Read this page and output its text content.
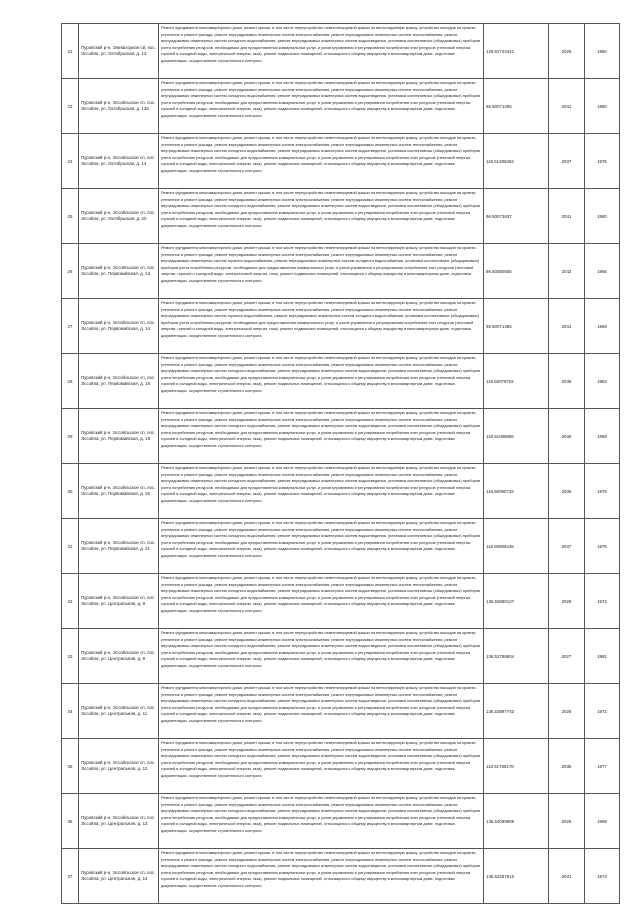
22	Пуровский р-н, Элеваторная сй, пос. Эссойла, ул. Октябрьская, д. 13	Ремонт фундамента многоквартирного дома, ремонт крыши, в том числе переустройство невентилируемой крыши на вентилируемую крышу, устройство выходов на кровлю, утепление и ремонт фасада, ремонт внутридомовых инженерных систем электроснабжения, ремонт внутридомовых инженерных систем теплоснабжения, ремонт внутридомовых инженерных систем холодного водоснабжения, ремонт внутридомовых инженерных систем водоотведения, установка коллективных (общедомовых) приборов учета потребления ресурсов, необходимых для предоставления коммунальных услуг, и узлов управления и регулирования потребления этих ресурсов (тепловой энергии, горячей и холодной воды, электрической энергии, газа), ремонт подвальных помещений, относящихся к общему имуществу в многоквартирном доме, подготовка документации, осуществление строительного контроля	129.52744421	2026	1960
23	Пуровский р-н, Эссойльское сп, пос. Эссойла, ул. Октябрьская, д. 13а	Ремонт фундамента многоквартирного дома, ремонт крыши, в том числе переустройство невентилируемой крыши на вентилируемую крышу, устройство выходов на кровлю, утепление и ремонт фасада, ремонт внутридомовых инженерных систем электроснабжения, ремонт внутридомовых инженерных систем теплоснабжения, ремонт внутридомовых инженерных систем холодного водоснабжения, ремонт внутридомовых инженерных систем водоотведения, установка коллективных (общедомовых) приборов учета потребления ресурсов, необходимых для предоставления коммунальных услуг, и узлов управления и регулирования потребления этих ресурсов (тепловой энергии, горячей и холодной воды, электрической энергии, газа), ремонт подвальных помещений, относящихся к общему имуществу в многоквартирном доме, подготовка документации, осуществление строительного контроля	96.50071405	2041	1980
24	Пуровский р-н, Эссойльское сп, пос. Эссойла, ул. Октябрьская, д. 14	Ремонт фундамента многоквартирного дома, ремонт крыши, в том числе переустройство невентилируемой крыши на вентилируемую крышу, устройство выходов на кровлю, утепление и ремонт фасада, ремонт внутридомовых инженерных систем электроснабжения, ремонт внутридомовых инженерных систем теплоснабжения, ремонт внутридомовых инженерных систем холодного водоснабжения, ремонт внутридомовых инженерных систем водоотведения, установка коллективных (общедомовых) приборов учета потребления ресурсов, необходимых для предоставления коммунальных услуг, и узлов управления и регулирования потребления этих ресурсов (тепловой энергии, горячей и холодной воды, электрической энергии, газа), ремонт подвальных помещений, относящихся к общему имуществу в многоквартирном доме, подготовка документации, осуществление строительного контроля	118.51286463	2037	1976
25	Пуровский р-н, Эссойльское сп, пос. Эссойла, ул. Октябрьская, д. 20	Ремонт фундамента многоквартирного дома, ремонт крыши, в том числе переустройство невентилируемой крыши на вентилируемую крышу, устройство выходов на кровлю, утепление и ремонт фасада, ремонт внутридомовых инженерных систем электроснабжения, ремонт внутридомовых инженерных систем теплоснабжения, ремонт внутридомовых инженерных систем холодного водоснабжения, ремонт внутридомовых инженерных систем водоотведения, установка коллективных (общедомовых) приборов учета потребления ресурсов, необходимых для предоставления коммунальных услуг, и узлов управления и регулирования потребления этих ресурсов (тепловой энергии, горячей и холодной воды, электрической энергии, газа), ремонт подвальных помещений, относящихся к общему имуществу в многоквартирном доме, подготовка документации, осуществление строительного контроля	96.50073637	2041	1980
26	Пуровский р-н, Эссойльское сп, пос. Эссойла, ул. Первомайская, д. 13	Ремонт фундамента многоквартирного дома, ремонт крыши, в том числе переустройство невентилируемой крыши на вентилируемую крышу, устройство выходов на кровлю, утепление и ремонт фасада, ремонт внутридомовых инженерных систем электроснабжения, ремонт внутридомовых инженерных систем теплоснабжения, ремонт внутридомовых инженерных систем горячего водоснабжения, ремонт внутридомовых инженерных систем холодного водоснабжения, установка коллективных (общедомовых) приборов учета потребления ресурсов, необходимых для предоставления коммунальных услуг, и узлов управления и регулирования потребления этих ресурсов (тепловой энергии, горячей и холодной воды, электрической энергии, газа), ремонт подвальных помещений, относящихся к общему имуществу в многоквартирном доме, подготовка документации, осуществление строительного контроля	96.50050656	2042	1966
27	Пуровский р-н, Эссойльское сп, пос. Эссойла, ул. Первомайская, д. 14	Ремонт фундамента многоквартирного дома, ремонт крыши, в том числе переустройство невентилируемой крыши на вентилируемую крышу, устройство выходов на кровлю, утепление и ремонт фасада, ремонт внутридомовых инженерных систем электроснабжения, ремонт внутридомовых инженерных систем теплоснабжения, ремонт внутридомовых инженерных систем горячего водоснабжения, ремонт внутридомовых инженерных систем холодного водоснабжения, установка коллективных (общедомовых) приборов учета потребления ресурсов, необходимых для предоставления коммунальных услуг, и узлов управления и регулирования потребления этих ресурсов (тепловой энергии, горячей и холодной воды, электрической энергии, газа), ремонт подвальных помещений, относящихся к общему имуществу в многоквартирном доме, подготовка документации, осуществление строительного контроля	96.50071456	2041	1969
28	Пуровский р-н, Эссойльское сп, пос. Эссойла, ул. Первомайская, д. 16	Ремонт фундамента многоквартирного дома, ремонт крыши, в том числе переустройство невентилируемой крыши на вентилируемую крышу, устройство выходов на кровлю, утепление и ремонт фасада, ремонт внутридомовых инженерных систем электроснабжения, ремонт внутридомовых инженерных систем теплоснабжения, ремонт внутридомовых инженерных систем холодного водоснабжения, ремонт внутридомовых инженерных систем водоотведения, установка коллективных (общедомовых) приборов учета потребления ресурсов, необходимых для предоставления коммунальных услуг, и узлов управления и регулирования потребления этих ресурсов (тепловой энергии, горячей и холодной воды, электрической энергии, газа), ремонт подвальных помещений, относящихся к общему имуществу в многоквартирном доме, подготовка документации, осуществление строительного контроля	118.50079702	2038	1963
29	Пуровский р-н, Эссойльское сп, пос. Эссойла, ул. Первомайская, д. 19	Ремонт фундамента многоквартирного дома, ремонт крыши, в том числе переустройство невентилируемой крыши на вентилируемую крышу, устройство выходов на кровлю, утепление и ремонт фасада, ремонт внутридомовых инженерных систем электроснабжения, ремонт внутридомовых инженерных систем теплоснабжения, ремонт внутридомовых инженерных систем холодного водоснабжения, ремонт внутридомовых инженерных систем водоотведения, установка коллективных (общедомовых) приборов учета потребления ресурсов, необходимых для предоставления коммунальных услуг, и узлов управления и регулирования потребления этих ресурсов (тепловой энергии, горячей и холодной воды, электрической энергии, газа), ремонт подвальных помещений, относящихся к общему имуществу в многоквартирном доме, подготовка документации, осуществление строительного контроля	118.51086856	2036	1969
30	Пуровский р-н, Эссойльское сп, пос. Эссойла, ул. Первомайская, д. 20	Ремонт фундамента многоквартирного дома, ремонт крыши, в том числе переустройство невентилируемой крыши на вентилируемую крышу, устройство выходов на кровлю, утепление и ремонт фасада, ремонт внутридомовых инженерных систем электроснабжения, ремонт внутридомовых инженерных систем теплоснабжения, ремонт внутридомовых инженерных систем холодного водоснабжения, ремонт внутридомовых инженерных систем водоотведения, установка коллективных (общедомовых) приборов учета потребления ресурсов, необходимых для предоставления коммунальных услуг, и узлов управления и регулирования потребления этих ресурсов (тепловой энергии, горячей и холодной воды, электрической энергии, газа), ремонт подвальных помещений, относящихся к общему имуществу в многоквартирном доме, подготовка документации, осуществление строительного контроля	118.50090733	2036	1975
31	Пуровский р-н, Эссойльское сп, пос. Эссойла, ул. Первомайская, д. 21	Ремонт фундамента многоквартирного дома, ремонт крыши, в том числе переустройство невентилируемой крыши на вентилируемую крышу, устройство выходов на кровлю, утепление и ремонт фасада, ремонт внутридомовых инженерных систем электроснабжения, ремонт внутридомовых инженерных систем теплоснабжения, ремонт внутридомовых инженерных систем холодного водоснабжения, ремонт внутридомовых инженерных систем водоотведения, установка коллективных (общедомовых) приборов учета потребления ресурсов, необходимых для предоставления коммунальных услуг, и узлов управления и регулирования потребления этих ресурсов (тепловой энергии, горячей и холодной воды, электрической энергии, газа), ремонт подвальных помещений, относящихся к общему имуществу в многоквартирном доме, подготовка документации, осуществление строительного контроля	118.50896445	2037	1975
32	Пуровский р-н, Эссойльское сп, пос. Эссойла, ул. Центральная, д. 8	Ремонт фундамента многоквартирного дома, ремонт крыши, в том числе переустройство невентилируемой крыши на вентилируемую крышу, устройство выходов на кровлю, утепление и ремонт фасада, ремонт внутридомовых инженерных систем электроснабжения, ремонт внутридомовых инженерных систем теплоснабжения, ремонт внутридомовых инженерных систем холодного водоснабжения, ремонт внутридомовых инженерных систем водоотведения, установка коллективных (общедомовых) приборов учета потребления ресурсов, необходимых для предоставления коммунальных услуг, и узлов управления и регулирования потребления этих ресурсов (тепловой энергии, горячей и холодной воды, электрической энергии, газа), ремонт подвальных помещений, относящихся к общему имуществу в многоквартирном доме, подготовка документации, осуществление строительного контроля	136.50890127	2026	1972
33	Пуровский р-н, Эссойльское сп, пос. Эссойла, ул. Центральная, д. 9	Ремонт фундамента многоквартирного дома, ремонт крыши, в том числе переустройство невентилируемой крыши на вентилируемую крышу, устройство выходов на кровлю, утепление и ремонт фасада, ремонт внутридомовых инженерных систем электроснабжения, ремонт внутридомовых инженерных систем теплоснабжения, ремонт внутридомовых инженерных систем холодного водоснабжения, ремонт внутридомовых инженерных систем водоотведения, установка коллективных (общедомовых) приборов учета потребления ресурсов, необходимых для предоставления коммунальных услуг, и узлов управления и регулирования потребления этих ресурсов (тепловой энергии, горячей и холодной воды, электрической энергии, газа), ремонт подвальных помещений, относящихся к общему имуществу в многоквартирном доме, подготовка документации, осуществление строительного контроля	136.52788604	2027	1981
34	Пуровский р-н, Эссойльское сп, пос. Эссойла, ул. Центральная, д. 11	Ремонт фундамента многоквартирного дома, ремонт крыши, в том числе переустройство невентилируемой крыши на вентилируемую крышу, устройство выходов на кровлю, утепление и ремонт фасада, ремонт внутридомовых инженерных систем электроснабжения, ремонт внутридомовых инженерных систем теплоснабжения, ремонт внутридомовых инженерных систем холодного водоснабжения, ремонт внутридомовых инженерных систем водоотведения, установка коллективных (общедомовых) приборов учета потребления ресурсов, необходимых для предоставления коммунальных услуг, и узлов управления и регулирования потребления этих ресурсов (тепловой энергии, горячей и холодной воды, электрической энергии, газа), ремонт подвальных помещений, относящихся к общему имуществу в многоквартирном доме, подготовка документации, осуществление строительного контроля	136.53897743	2026	1972
35	Пуровский р-н, Эссойльское сп, пос. Эссойла, ул. Центральная, д. 12	Ремонт фундамента многоквартирного дома, ремонт крыши, в том числе переустройство невентилируемой крыши на вентилируемую крышу, устройство выходов на кровлю, утепление и ремонт фасада, ремонт внутридомовых инженерных систем электроснабжения, ремонт внутридомовых инженерных систем теплоснабжения, ремонт внутридомовых инженерных систем холодного водоснабжения, ремонт внутридомовых инженерных систем водоотведения, установка коллективных (общедомовых) приборов учета потребления ресурсов, необходимых для предоставления коммунальных услуг, и узлов управления и регулирования потребления этих ресурсов (тепловой энергии, горячей и холодной воды, электрической энергии, газа), ремонт подвальных помещений, относящихся к общему имуществу в многоквартирном доме, подготовка документации, осуществление строительного контроля	118.51789178	2035	1977
36	Пуровский р-н, Эссойльское сп, пос. Эссойла, ул. Центральная, д. 13	Ремонт фундамента многоквартирного дома, ремонт крыши, в том числе переустройство невентилируемой крыши на вентилируемую крышу, устройство выходов на кровлю, утепление и ремонт фасада, ремонт внутридомовых инженерных систем электроснабжения, ремонт внутридомовых инженерных систем теплоснабжения, ремонт внутридомовых инженерных систем холодного водоснабжения, ремонт внутридомовых инженерных систем водоотведения, установка коллективных (общедомовых) приборов учета потребления ресурсов, необходимых для предоставления коммунальных услуг, и узлов управления и регулирования потребления этих ресурсов (тепловой энергии, горячей и холодной воды, электрической энергии, газа), ремонт подвальных помещений, относящихся к общему имуществу в многоквартирном доме, подготовка документации, осуществление строительного контроля	136.54089909	2026	1969
37	Пуровский р-н, Эссойльское сп, пос. Эссойла, ул. Центральная, д. 14	Ремонт фундамента многоквартирного дома, ремонт крыши, в том числе переустройство невентилируемой крыши на вентилируемую крышу, устройство выходов на кровлю, утепление и ремонт фасада, ремонт внутридомовых инженерных систем электроснабжения, ремонт внутридомовых инженерных систем теплоснабжения, ремонт внутридомовых инженерных систем холодного водоснабжения, ремонт внутридомовых инженерных систем водоотведения, установка коллективных (общедомовых) приборов учета потребления ресурсов, необходимых для предоставления коммунальных услуг, и узлов управления и регулирования потребления этих ресурсов (тепловой энергии, горячей и холодной воды, электрической энергии, газа), ремонт подвальных помещений, относящихся к общему имуществу в многоквартирном доме, подготовка документации, осуществление строительного контроля	136.52287616	2031	1973
